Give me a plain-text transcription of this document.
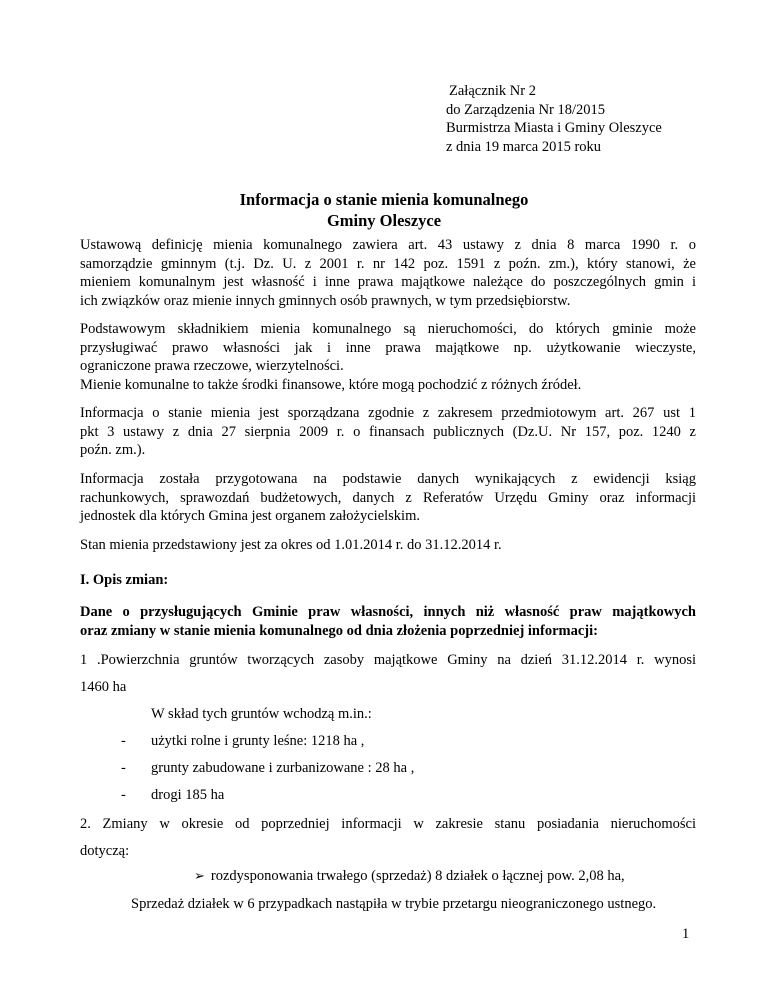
Załącznik Nr 2
do Zarządzenia Nr 18/2015
Burmistrza Miasta i Gminy Oleszyce
z dnia 19 marca 2015 roku
Informacja o stanie mienia komunalnego
Gminy Oleszyce
Ustawową definicję mienia komunalnego zawiera art. 43 ustawy z dnia 8 marca 1990 r. o
samorządzie gminnym (t.j. Dz. U. z 2001 r. nr 142 poz. 1591 z poźn. zm.), który stanowi, że
mieniem komunalnym jest własność i inne prawa majątkowe należące do poszczególnych gmin i
ich związków oraz mienie innych gminnych osób prawnych, w tym przedsiębiorstw.
Podstawowym składnikiem mienia komunalnego są nieruchomości, do których gminie może
przysługiwać prawo własności jak i inne prawa majątkowe np. użytkowanie wieczyste,
ograniczone prawa rzeczowe, wierzytelności.
Mienie komunalne to także środki finansowe, które mogą pochodzić z różnych źródeł.
Informacja o stanie mienia jest sporządzana zgodnie z zakresem przedmiotowym art. 267 ust 1
pkt 3 ustawy z dnia 27 sierpnia 2009 r. o finansach publicznych (Dz.U. Nr 157, poz. 1240 z
poźn. zm.).
Informacja została przygotowana na podstawie danych wynikających z ewidencji ksiąg
rachunkowych, sprawozdań budżetowych, danych z Referatów Urzędu Gminy oraz informacji
jednostek dla których Gmina jest organem założycielskim.
Stan mienia przedstawiony jest za okres od 1.01.2014 r. do 31.12.2014 r.
I. Opis zmian:
Dane o przysługujących Gminie praw własności, innych niż własność praw majątkowych
oraz zmiany w stanie mienia komunalnego od dnia złożenia poprzedniej informacji:
1 .Powierzchnia gruntów tworzących zasoby majątkowe Gminy na dzień 31.12.2014 r. wynosi
1460 ha
W skład tych gruntów wchodzą m.in.:
- użytki rolne i grunty leśne: 1218 ha ,
- grunty zabudowane i zurbanizowane : 28 ha ,
- drogi 185 ha
2. Zmiany w okresie od poprzedniej informacji w zakresie stanu posiadania nieruchomości
dotyczą:
➢ rozdysponowania trwałego (sprzedaż) 8 działek o łącznej pow. 2,08 ha,
Sprzedaż działek w 6 przypadkach nastąpiła w trybie przetargu nieograniczonego ustnego.
1
